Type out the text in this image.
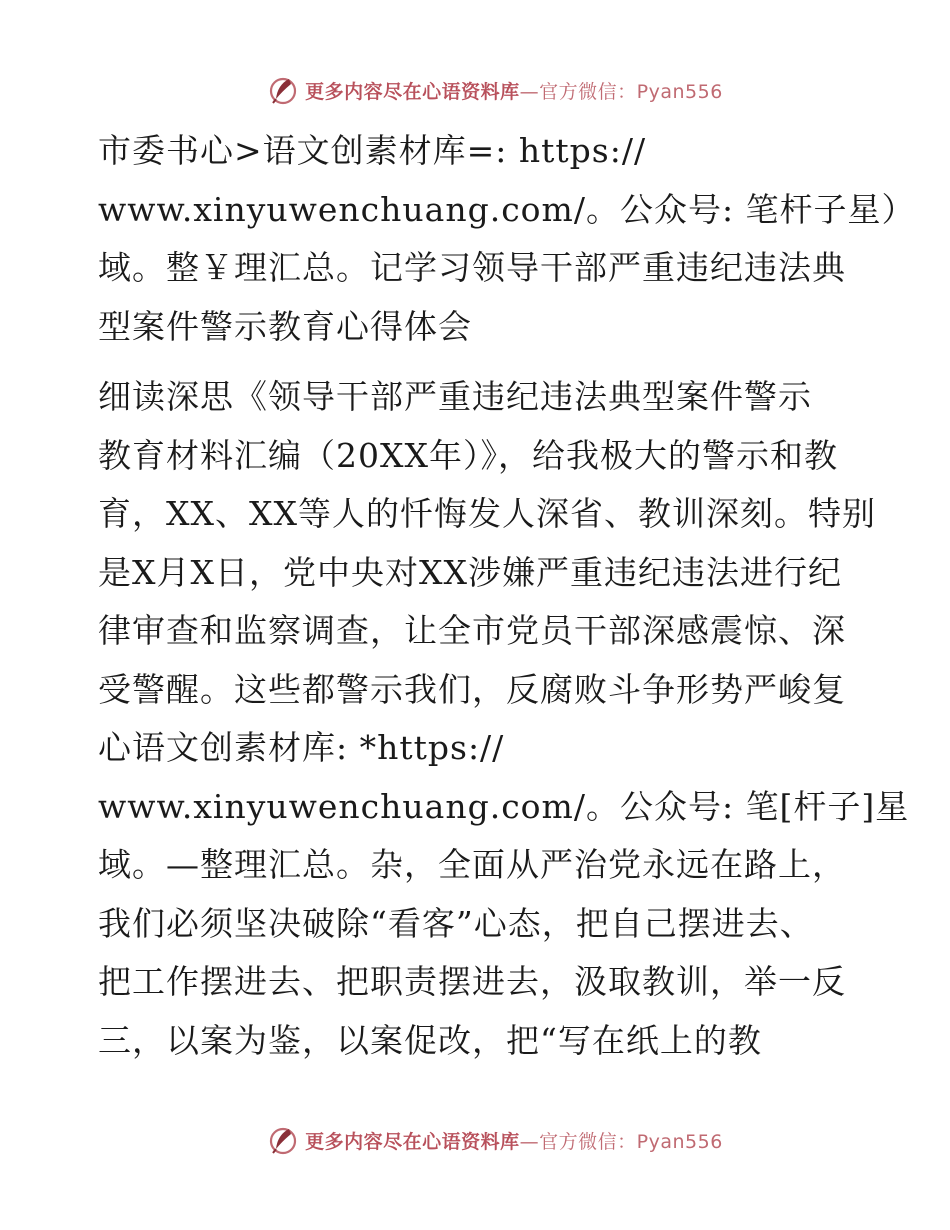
更多内容尽在心语资料库—官方微信：Pyan556
市委书心>语文创素材库=: https://
www.xinyuwenchuang.com/。公众号: 笔杆子星）
域。整￥理汇总。记学习领导干部严重违纪违法典
型案件警示教育心得体会
细读深思《领导干部严重违纪违法典型案件警示
教育材料汇编（20XX年）》，给我极大的警示和教
育，XX、XX等人的忏悔发人深省、教训深刻。特别
是X月X日，党中央对XX涉嫌严重违纪违法进行纪
律审查和监察调查，让全市党员干部深感震惊、深
受警醒。这些都警示我们，反腐败斗争形势严峻复
心语文创素材库: *https://
www.xinyuwenchuang.com/。公众号: 笔[杆子]星
域。—整理汇总。杂，全面从严治党永远在路上，
我们必须坚决破除“看客”心态，把自己摆进去、
把工作摆进去、把职责摆进去，汲取教训，举一反
三，以案为鉴，以案促改，把“写在纸上的教
更多内容尽在心语资料库—官方微信：Pyan556
